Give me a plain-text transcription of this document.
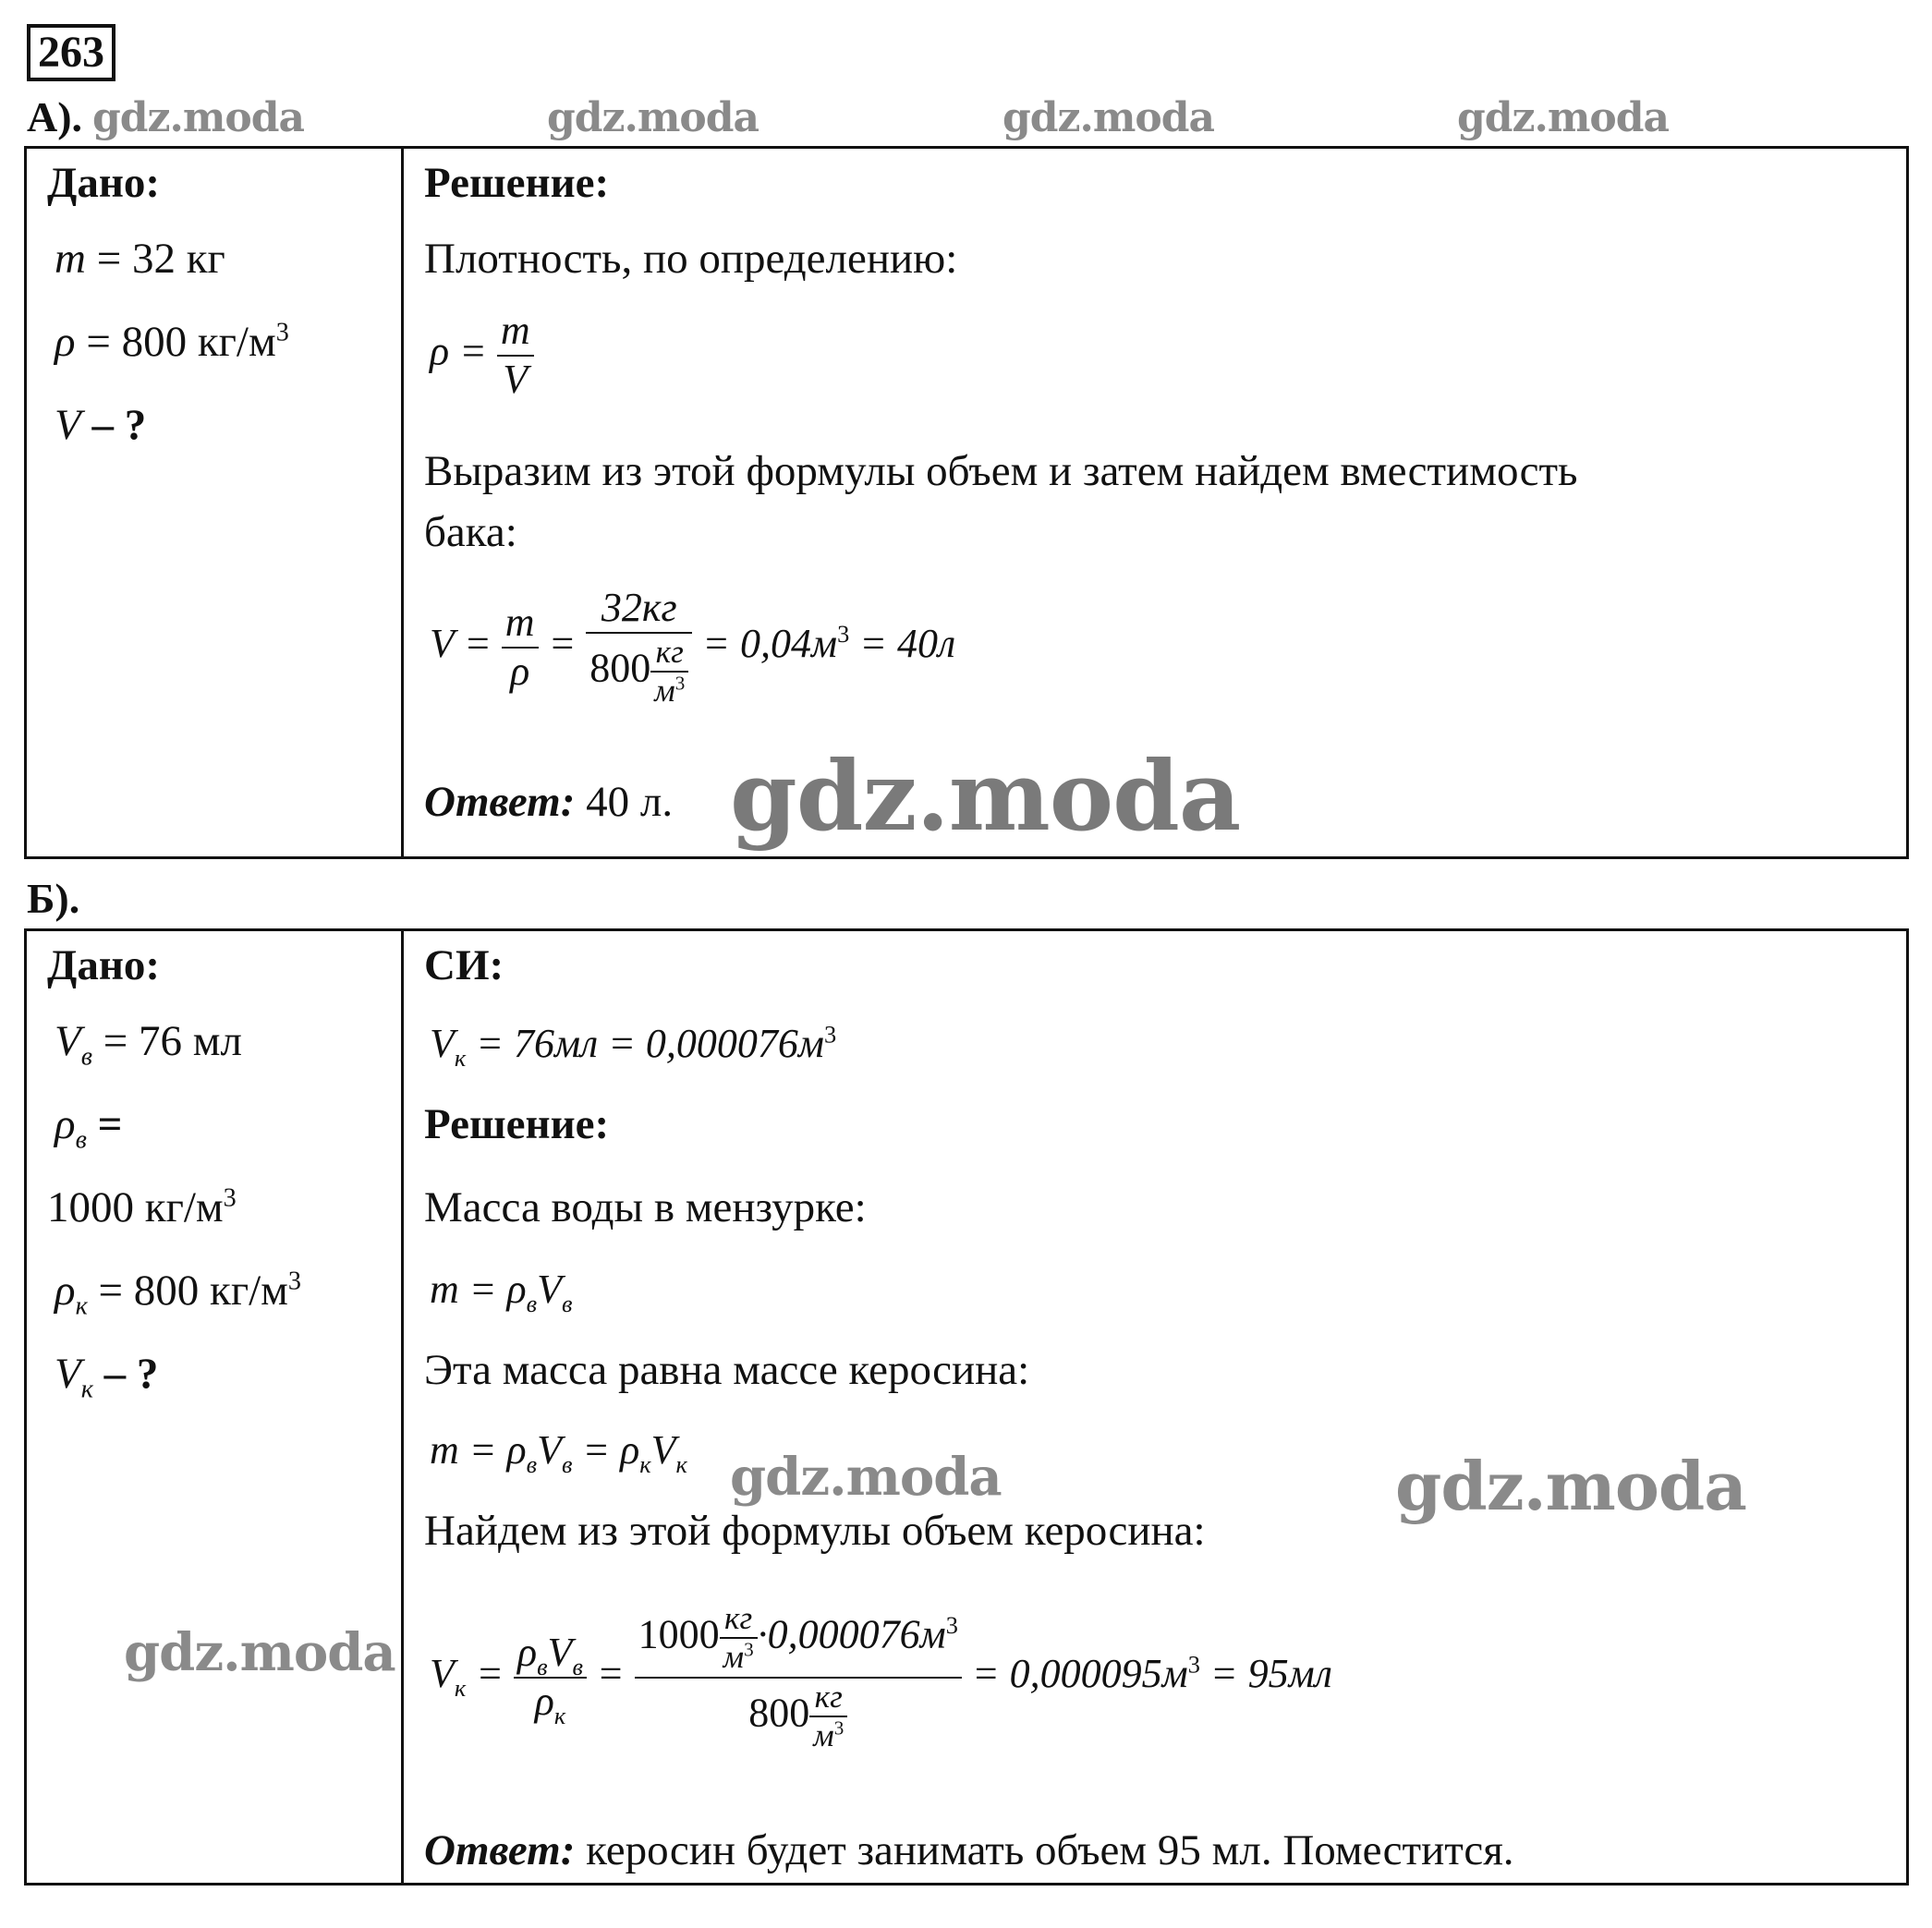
263
А). gdz.moda	gdz.moda	gdz.moda	gdz.moda
Дано:
m = 32 кг
ρ = 800 $кг/м^3$
V – ?
Решение:
Плотность, по определению:
$\rho = \frac{m}{V}$
Выразим из этой формулы объем и затем найдем вместимость
бака:
$V = \frac{m}{\rho} = \frac{32кг}{800 \frac{кг}{м^3}} = 0,04м^3 = 40л$
Ответ: 40 л. gdz.moda
Б).
Дано:
$V_в = 76$ мл
$\rho_в$ =
1000 $кг/м^3$
$\rho_к = 800$ $кг/м^3$
$V_к$ – ?
СИ:
$V_к = 76мл = 0,000076м^3$
Решение:
Масса воды в мензурке:
$m = \rho_вV_в$
Эта масса равна массе керосина:
$m = \rho_вV_в = \rho_кV_к$
Найдем из этой формулы объем керосина:
$V_к = \frac{\rho_вV_в}{\rho_к} = \frac{1000 \frac{кг}{м^3} \cdot 0,000076м^3}{800 \frac{кг}{м^3}} = 0,000095м^3 = 95мл$
Ответ: керосин будет занимать объем 95 мл. Поместится.
gdz.moda	gdz.moda
gdz.moda
